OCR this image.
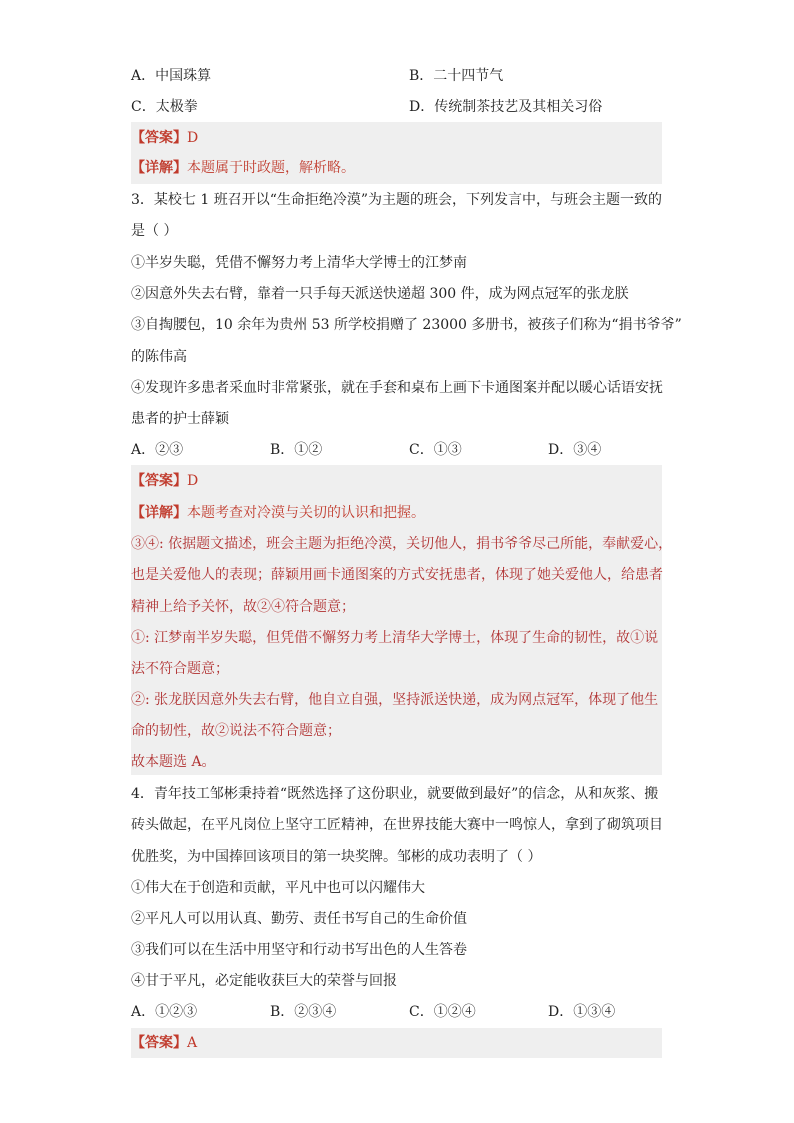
A．中国珠算	B．二十四节气
C．太极拳	D．传统制茶技艺及其相关习俗
【答案】D
【详解】本题属于时政题，解析略。
3．某校七 1 班召开以“生命拒绝冷漠”为主题的班会，下列发言中，与班会主题一致的
是（ ）
①半岁失聪，凭借不懈努力考上清华大学博士的江梦南
②因意外失去右臂，靠着一只手每天派送快递超 300 件，成为网点冠军的张龙朕
③自掏腰包，10 余年为贵州 53 所学校捐赠了 23000 多册书，被孩子们称为“捐书爷爷”
的陈伟高
④发现许多患者采血时非常紧张，就在手套和桌布上画下卡通图案并配以暖心话语安抚
患者的护士薛颖
A．②③	B．①②	C．①③	D．③④
【答案】D
【详解】本题考查对冷漠与关切的认识和把握。
③④: 依据题文描述，班会主题为拒绝冷漠，关切他人，捐书爷爷尽己所能，奉献爱心，
也是关爱他人的表现；薛颖用画卡通图案的方式安抚患者，体现了她关爱他人，给患者
精神上给予关怀，故②④符合题意；
①: 江梦南半岁失聪，但凭借不懈努力考上清华大学博士，体现了生命的韧性，故①说
法不符合题意；
②: 张龙朕因意外失去右臂，他自立自强，坚持派送快递，成为网点冠军，体现了他生
命的韧性，故②说法不符合题意；
故本题选 A。
4．青年技工邹彬秉持着“既然选择了这份职业，就要做到最好”的信念，从和灰浆、搬
砖头做起，在平凡岗位上坚守工匠精神，在世界技能大赛中一鸣惊人，拿到了砌筑项目
优胜奖，为中国捧回该项目的第一块奖牌。邹彬的成功表明了（ ）
①伟大在于创造和贡献，平凡中也可以闪耀伟大
②平凡人可以用认真、勤劳、责任书写自己的生命价值
③我们可以在生活中用坚守和行动书写出色的人生答卷
④甘于平凡，必定能收获巨大的荣誉与回报
A．①②③	B．②③④	C．①②④	D．①③④
【答案】A
